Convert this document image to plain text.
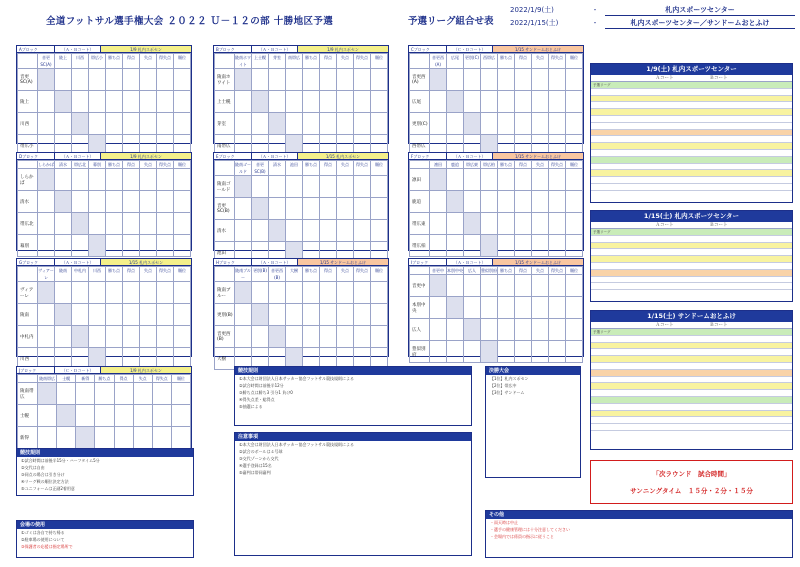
全道フットサル選手権大会 ２０２２ Ｕ－１２の部 十勝地区予選	予選リーグ組合せ表
2022/1/9(土)	・	札内スポーツセンター
2022/1/15(土)	・	札内スポーツセンター／サンドームおとふけ
Aブロック	（Ａ・Ｂコート）	1/9 札内スポセン
	音更SC(A)	陵上	川西	帯広小	勝ち点	得点	失点	得失点	順位
音更SC(A)									
陵上									
川西									
帯広小									
Bブロック	（Ａ・Ｂコート）	1/9 札内スポセン
	陵南ホワイト	上士幌	芽室	南帯広	勝ち点	得点	失点	得失点	順位
陵南ホワイト									
上士幌									
芽室									
南帯広									
Cブロック	（Ｃ・Ｄコート）	1/15 サンドームおとふけ
	音更西(A)	広尾	更別(C)	西帯広	勝ち点	得点	失点	得失点	順位
音更西(A)									
広尾									
更別(C)									
西帯広									
Dブロック	（Ａ・Ｂコート）	1/9 札内スポセン
	しらかば	清水	帯広北	幕別	勝ち点	得点	失点	得失点	順位
しらかば									
清水									
帯広北									
幕別									
Eブロック	（Ａ・Ｂコート）	1/15 札内スポセン
	陵南ゴールド	音更SC(B)	清水	池田	勝ち点	得点	失点	得失点	順位
陵南ゴールド									
音更SC(B)									
清水									
池田									
Fブロック	（Ａ・Ｂコート）	1/15 サンドームおとふけ
	凛田	鹿追	帯広東	帯広柏	勝ち点	得点	失点	得失点	順位
凛田									
鹿追									
帯広東									
帯広柏									
Gブロック	（Ａ・Ｂコート）	1/15 札内スポセン
	ヴィアーレ	陵南	中札内	川西	勝ち点	得点	失点	得失点	順位
ヴィアーレ									
陵南									
中札内									
川西									
Hブロック	（Ａ・Ｂコート）	1/15 サンドームおとふけ
	陵南ブルー	更別(B)	音更西(B)	大樹	勝ち点	得点	失点	得失点	順位
陵南ブルー									
更別(B)									
音更西(B)									
大樹									
Iブロック	（Ａ・Ｂコート）	1/15 サンドームおとふけ
	音更中	本別中央	広人	豊似別府	勝ち点	得点	失点	得失点	順位
音更中									
本別中央									
広人									
豊似別府									
Jブロック	（Ｃ・Ｄコート）	1/9 札内スポセン
	陵南帯広	士幌	新得	勝ち点	得点	失点	得失点	順位
陵南帯広								
士幌								
新得								
1/9(土) 札内スポーツセンター
Ａコート　　　　　　　　Ｂコート
予選リーグ
1/15(土) 札内スポーツセンター
Ａコート　　　　　　　　Ｂコート
予選リーグ
1/15(土) サンドームおとふけ
Ａコート　　　　　　　　Ｂコート
予選リーグ
「次ラウンド　試合時間」
サンニングタイム　１５分・２分・１５分
競技規則
①試合時間は前後半15分・ハーフタイム5分
②交代は自由
③同点の場合は引き分け
④リーグ戦の順位決定方法
⑤ユニフォームは正副2着用意
会場の使用
①ゴミは各自で持ち帰る
②駐車場の使用について
③保護者の応援は指定場所で
競技規則
①本大会は財団法人日本サッカー協会フットサル競技規則による
②試合時間は前後半12分
③勝ち点は勝ち3 引分1 負け0
④得失点差・総得点
⑤抽選による
注意事項
①本大会は財団法人日本サッカー協会フットサル競技規則による
②試合のボールは４号球
③交代ゾーンから交代
④選手登録は15名
⑤審判は帯同審判
決勝大会
【1位】札内スポセン
【2位】帯広中
【3位】サンドーム
その他
・雨天時は中止
・選手の健康管理には十分注意してください
・会場内では係員の指示に従うこと
